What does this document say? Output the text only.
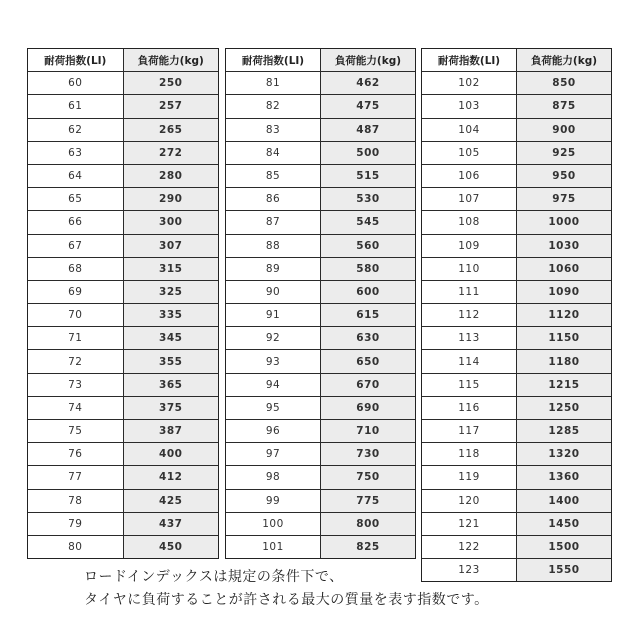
耐荷指数(LI)	負荷能力(kg)
60	250
61	257
62	265
63	272
64	280
65	290
66	300
67	307
68	315
69	325
70	335
71	345
72	355
73	365
74	375
75	387
76	400
77	412
78	425
79	437
80	450
耐荷指数(LI)	負荷能力(kg)
81	462
82	475
83	487
84	500
85	515
86	530
87	545
88	560
89	580
90	600
91	615
92	630
93	650
94	670
95	690
96	710
97	730
98	750
99	775
100	800
101	825
耐荷指数(LI)	負荷能力(kg)
102	850
103	875
104	900
105	925
106	950
107	975
108	1000
109	1030
110	1060
111	1090
112	1120
113	1150
114	1180
115	1215
116	1250
117	1285
118	1320
119	1360
120	1400
121	1450
122	1500
123	1550
ロードインデックスは規定の条件下で、
タイヤに負荷することが許される最大の質量を表す指数です。
